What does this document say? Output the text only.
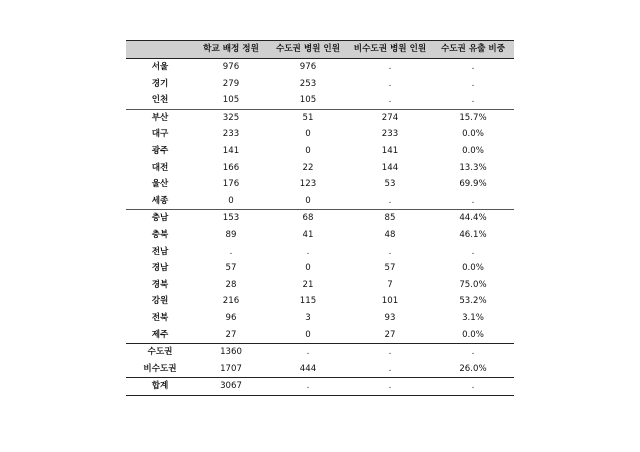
	학교 배정 정원	수도권 병원 인원	비수도권 병원 인원	수도권 유출 비중
서울	976	976	.	.
경기	279	253	.	.
인천	105	105	.	.
부산	325	51	274	15.7%
대구	233	0	233	0.0%
광주	141	0	141	0.0%
대전	166	22	144	13.3%
울산	176	123	53	69.9%
세종	0	0	.	.
충남	153	68	85	44.4%
충북	89	41	48	46.1%
전남	.	.	.	.
경남	57	0	57	0.0%
경북	28	21	7	75.0%
강원	216	115	101	53.2%
전북	96	3	93	3.1%
제주	27	0	27	0.0%
수도권	1360	.	.	.
비수도권	1707	444	.	26.0%
합계	3067	.	.	.
